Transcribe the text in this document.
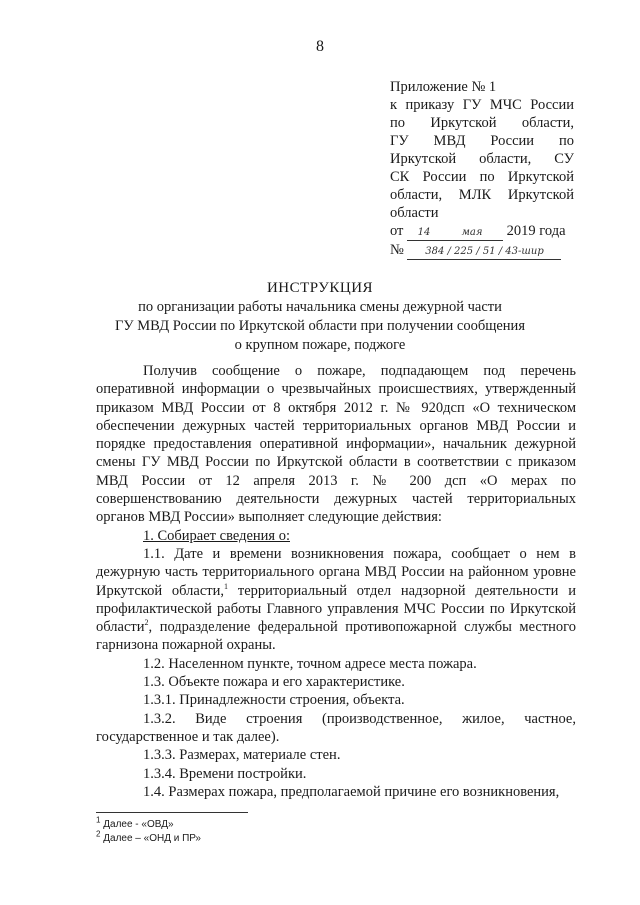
8
Приложение № 1
к приказу ГУ МЧС России
по Иркутской области,
ГУ МВД России по
Иркутской области, СУ
СК России по Иркутской
области, МЛК Иркутской
области
от 14	мая 2019 года
№ 384 / 225 / 51 / 43-шир
ИНСТРУКЦИЯ
по организации работы начальника смены дежурной части
ГУ МВД России по Иркутской области при получении сообщения
о крупном пожаре, поджоге

Получив сообщение о пожаре, подпадающем под перечень оперативной информации о чрезвычайных происшествиях, утвержденный приказом МВД России от 8 октября 2012 г. № 920дсп «О техническом обеспечении дежурных частей территориальных органов МВД России и порядке предоставления оперативной информации», начальник дежурной смены ГУ МВД России по Иркутской области в соответствии с приказом МВД России от 12 апреля 2013 г. № 200 дсп «О мерах по совершенствованию деятельности дежурных частей территориальных органов МВД России» выполняет следующие действия:

1. Собирает сведения о:

1.1. Дате и времени возникновения пожара, сообщает о нем в дежурную часть территориального органа МВД России на районном уровне Иркутской области,$^1$ территориальный отдел надзорной деятельности и профилактической работы Главного управления МЧС России по Иркутской области$^2$, подразделение федеральной противопожарной службы местного гарнизона пожарной охраны.

1.2. Населенном пункте, точном адресе места пожара.

1.3. Объекте пожара и его характеристике.

1.3.1. Принадлежности строения, объекта.

1.3.2. Виде строения (производственное, жилое, частное, государственное и так далее).

1.3.3. Размерах, материале стен.

1.3.4. Времени постройки.

1.4. Размерах пожара, предполагаемой причине его возникновения,

$^1$ Далее - «ОВД»
$^2$ Далее – «ОНД и ПР»
